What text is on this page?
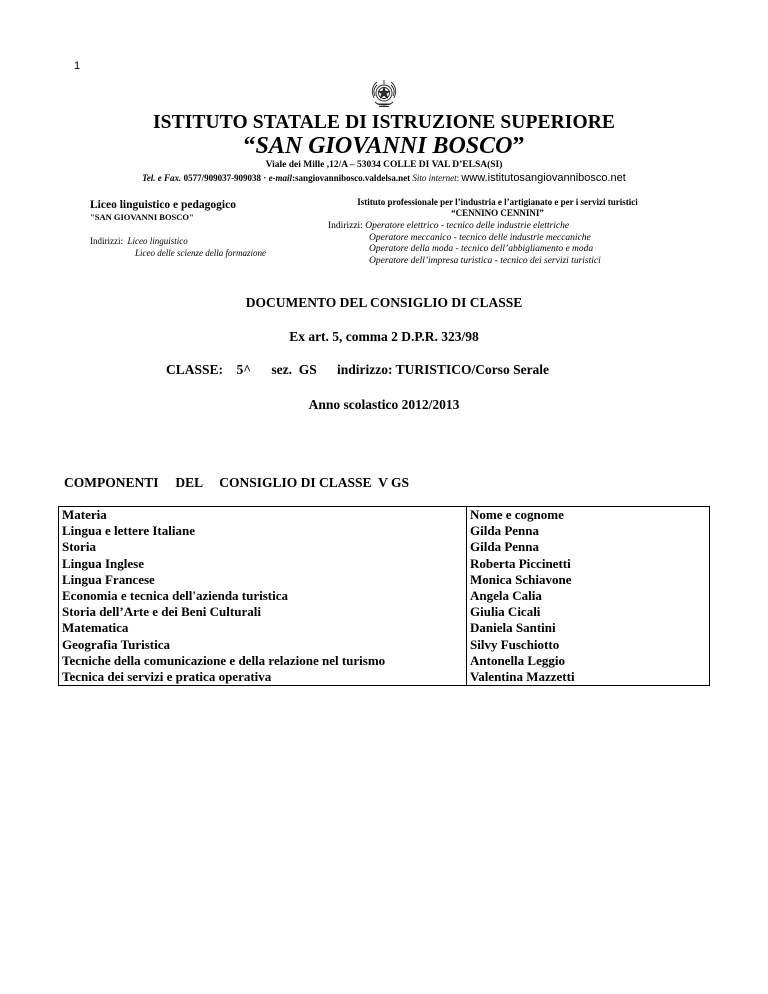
1
ISTITUTO STATALE DI ISTRUZIONE SUPERIORE
“SAN GIOVANNI BOSCO”
Viale dei Mille ,12/A – 53034 COLLE DI VAL D’ELSA(SI)
Tel. e Fax. 0577/909037-909038 · e-mail:sangiovannibosco.valdelsa.net Sito internet: www.istitutosangiovannibosco.net
Liceo linguistico e pedagogico
"SAN GIOVANNI BOSCO"
Indirizzi: Liceo linguistico
Liceo delle scienze della formazione
Istituto professionale per l’industria e l’artigianato e per i servizi turistici
“CENNINO CENNINI”
Indirizzi: Operatore elettrico - tecnico delle industrie elettriche
Operatore meccanico - tecnico delle industrie meccaniche
Operatore della moda - tecnico dell’abbigliamento e moda
Operatore dell’impresa turistica - tecnico dei servizi turistici
DOCUMENTO DEL CONSIGLIO DI CLASSE
Ex art. 5, comma 2 D.P.R. 323/98
CLASSE: 5^ sez. GS indirizzo: TURISTICO/Corso Serale
Anno scolastico 2012/2013
COMPONENTI DEL CONSIGLIO DI CLASSE  V GS
Materia	Nome e cognome
Lingua e lettere Italiane	Gilda Penna
Storia	Gilda Penna
Lingua Inglese	Roberta Piccinetti
Lingua Francese	Monica Schiavone
Economia e tecnica dell'azienda turistica	Angela Calia
Storia dell’Arte e dei Beni Culturali	Giulia Cicali
Matematica	Daniela Santini
Geografia Turistica	Silvy Fuschiotto
Tecniche della comunicazione e della relazione nel turismo	Antonella Leggio
Tecnica dei servizi e pratica operativa	Valentina Mazzetti
